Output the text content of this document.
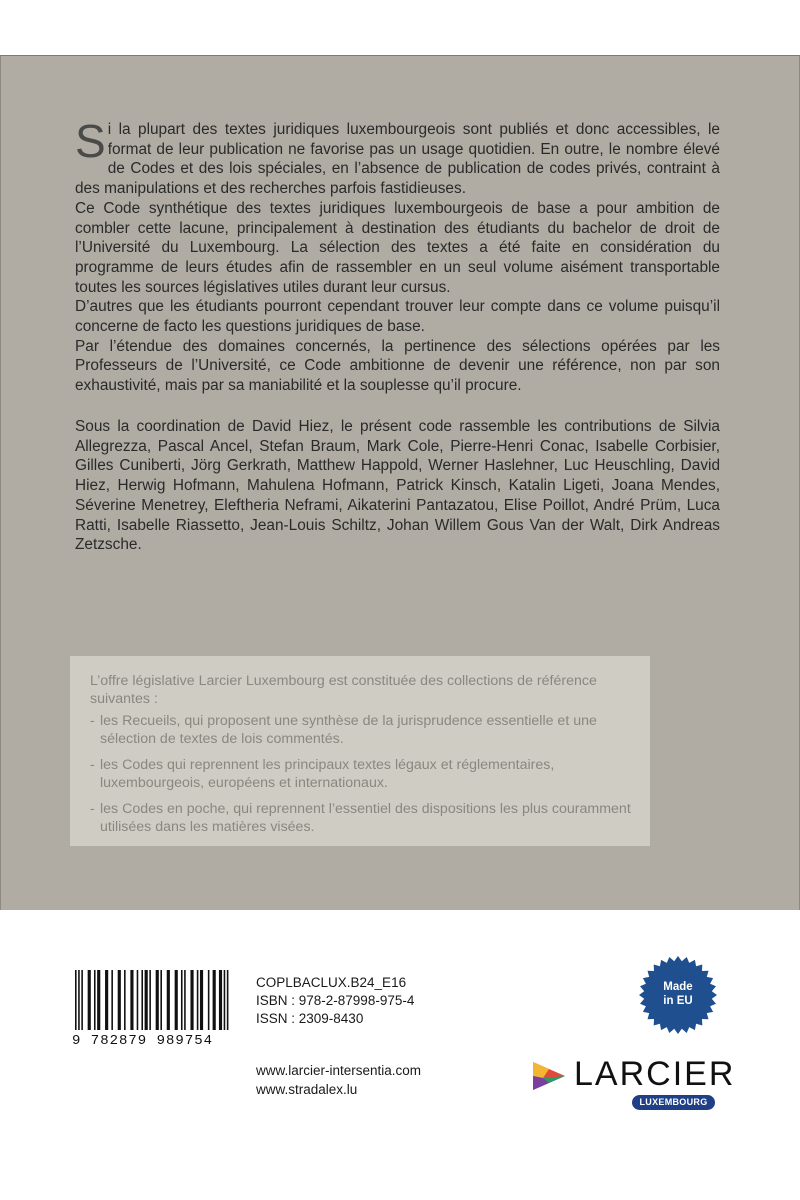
Si la plupart des textes juridiques luxembourgeois sont publiés et donc accessibles, le format de leur publication ne favorise pas un usage quotidien. En outre, le nombre élevé de Codes et des lois spéciales, en l’absence de publication de codes privés, contraint à des manipulations et des recherches parfois fastidieuses.

Ce Code synthétique des textes juridiques luxembourgeois de base a pour ambition de combler cette lacune, principalement à destination des étudiants du bachelor de droit de l’Université du Luxembourg. La sélection des textes a été faite en considération du programme de leurs études afin de rassembler en un seul volume aisément transportable toutes les sources législatives utiles durant leur cursus.

D’autres que les étudiants pourront cependant trouver leur compte dans ce volume puisqu’il concerne de facto les questions juridiques de base.

Par l’étendue des domaines concernés, la pertinence des sélections opérées par les Professeurs de l’Université, ce Code ambitionne de devenir une référence, non par son exhaustivité, mais par sa maniabilité et la souplesse qu’il procure.

Sous la coordination de David Hiez, le présent code rassemble les contributions de Silvia Allegrezza, Pascal Ancel, Stefan Braum, Mark Cole, Pierre-Henri Conac, Isabelle Corbisier, Gilles Cuniberti, Jörg Gerkrath, Matthew Happold, Werner Haslehner, Luc Heuschling, David Hiez, Herwig Hofmann, Mahulena Hofmann, Patrick Kinsch, Katalin Ligeti, Joana Mendes, Séverine Menetrey, Eleftheria Neframi, Aikaterini Pantazatou, Elise Poillot, André Prüm, Luca Ratti, Isabelle Riassetto, Jean-Louis Schiltz, Johan Willem Gous Van der Walt, Dirk Andreas Zetzsche.

L’offre législative Larcier Luxembourg est constituée des collections de référence suivantes :

- les Recueils, qui proposent une synthèse de la jurisprudence essentielle et une sélection de textes de lois commentés.
- les Codes qui reprennent les principaux textes légaux et réglementaires, luxembourgeois, européens et internationaux.
- les Codes en poche, qui reprennent l’essentiel des dispositions les plus couramment utilisées dans les matières visées.
9 782879 989754
COPLBACLUX.B24_E16
ISBN : 978-2-87998-975-4
ISSN : 2309-8430
www.larcier-intersentia.com
www.stradalex.lu
Made
in EU
LARCIER
LUXEMBOURG
